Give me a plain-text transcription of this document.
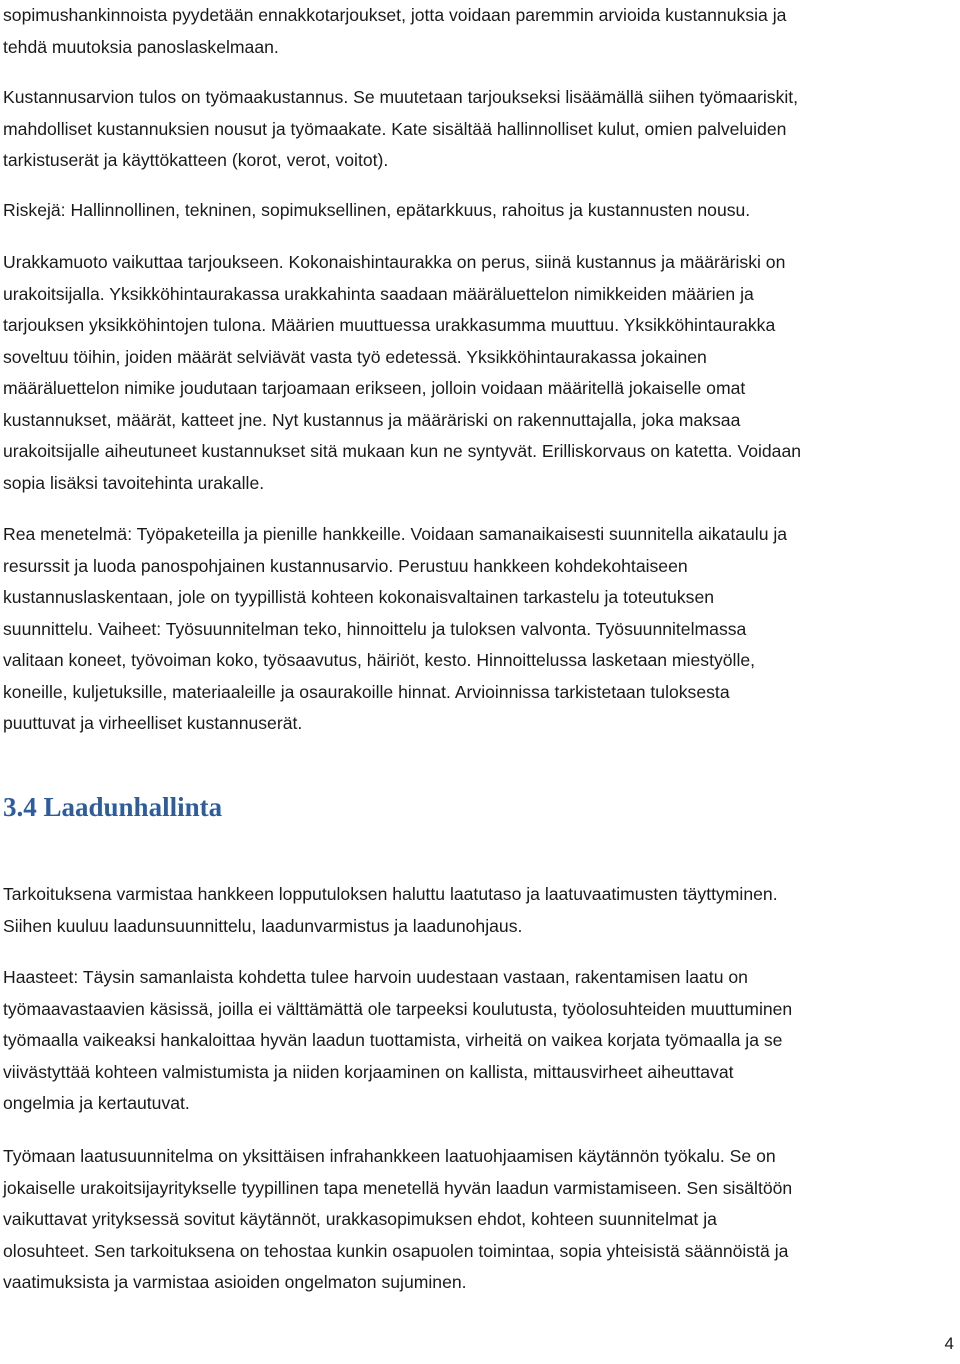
sopimushankinnoista pyydetään ennakkotarjoukset, jotta voidaan paremmin arvioida kustannuksia ja
tehdä muutoksia panoslaskelmaan.

Kustannusarvion tulos on työmaakustannus. Se muutetaan tarjoukseksi lisäämällä siihen työmaariskit,
mahdolliset kustannuksien nousut ja työmaakate. Kate sisältää hallinnolliset kulut, omien palveluiden
tarkistuserät ja käyttökatteen (korot, verot, voitot).

Riskejä: Hallinnollinen, tekninen, sopimuksellinen, epätarkkuus, rahoitus ja kustannusten nousu.

Urakkamuoto vaikuttaa tarjoukseen. Kokonaishintaurakka on perus, siinä kustannus ja määräriski on
urakoitsijalla. Yksikköhintaurakassa urakkahinta saadaan määräluettelon nimikkeiden määrien ja
tarjouksen yksikköhintojen tulona. Määrien muuttuessa urakkasumma muuttuu. Yksikköhintaurakka
soveltuu töihin, joiden määrät selviävät vasta työ edetessä. Yksikköhintaurakassa jokainen
määräluettelon nimike joudutaan tarjoamaan erikseen, jolloin voidaan määritellä jokaiselle omat
kustannukset, määrät, katteet jne. Nyt kustannus ja määräriski on rakennuttajalla, joka maksaa
urakoitsijalle aiheutuneet kustannukset sitä mukaan kun ne syntyvät. Erilliskorvaus on katetta. Voidaan
sopia lisäksi tavoitehinta urakalle.

Rea menetelmä: Työpaketeilla ja pienille hankkeille. Voidaan samanaikaisesti suunnitella aikataulu ja
resurssit ja luoda panospohjainen kustannusarvio. Perustuu hankkeen kohdekohtaiseen
kustannuslaskentaan, jole on tyypillistä kohteen kokonaisvaltainen tarkastelu ja toteutuksen
suunnittelu. Vaiheet: Työsuunnitelman teko, hinnoittelu ja tuloksen valvonta. Työsuunnitelmassa
valitaan koneet, työvoiman koko, työsaavutus, häiriöt, kesto. Hinnoittelussa lasketaan miestyölle,
koneille, kuljetuksille, materiaaleille ja osaurakoille hinnat. Arvioinnissa tarkistetaan tuloksesta
puuttuvat ja virheelliset kustannuserät.

3.4 Laadunhallinta

Tarkoituksena varmistaa hankkeen lopputuloksen haluttu laatutaso ja laatuvaatimusten täyttyminen.
Siihen kuuluu laadunsuunnittelu, laadunvarmistus ja laadunohjaus.

Haasteet: Täysin samanlaista kohdetta tulee harvoin uudestaan vastaan, rakentamisen laatu on
työmaavastaavien käsissä, joilla ei välttämättä ole tarpeeksi koulutusta, työolosuhteiden muuttuminen
työmaalla vaikeaksi hankaloittaa hyvän laadun tuottamista, virheitä on vaikea korjata työmaalla ja se
viivästyttää kohteen valmistumista ja niiden korjaaminen on kallista, mittausvirheet aiheuttavat
ongelmia ja kertautuvat.

Työmaan laatusuunnitelma on yksittäisen infrahankkeen laatuohjaamisen käytännön työkalu. Se on
jokaiselle urakoitsijayritykselle tyypillinen tapa menetellä hyvän laadun varmistamiseen. Sen sisältöön
vaikuttavat yrityksessä sovitut käytännöt, urakkasopimuksen ehdot, kohteen suunnitelmat ja
olosuhteet. Sen tarkoituksena on tehostaa kunkin osapuolen toimintaa, sopia yhteisistä säännöistä ja
vaatimuksista ja varmistaa asioiden ongelmaton sujuminen.

4
